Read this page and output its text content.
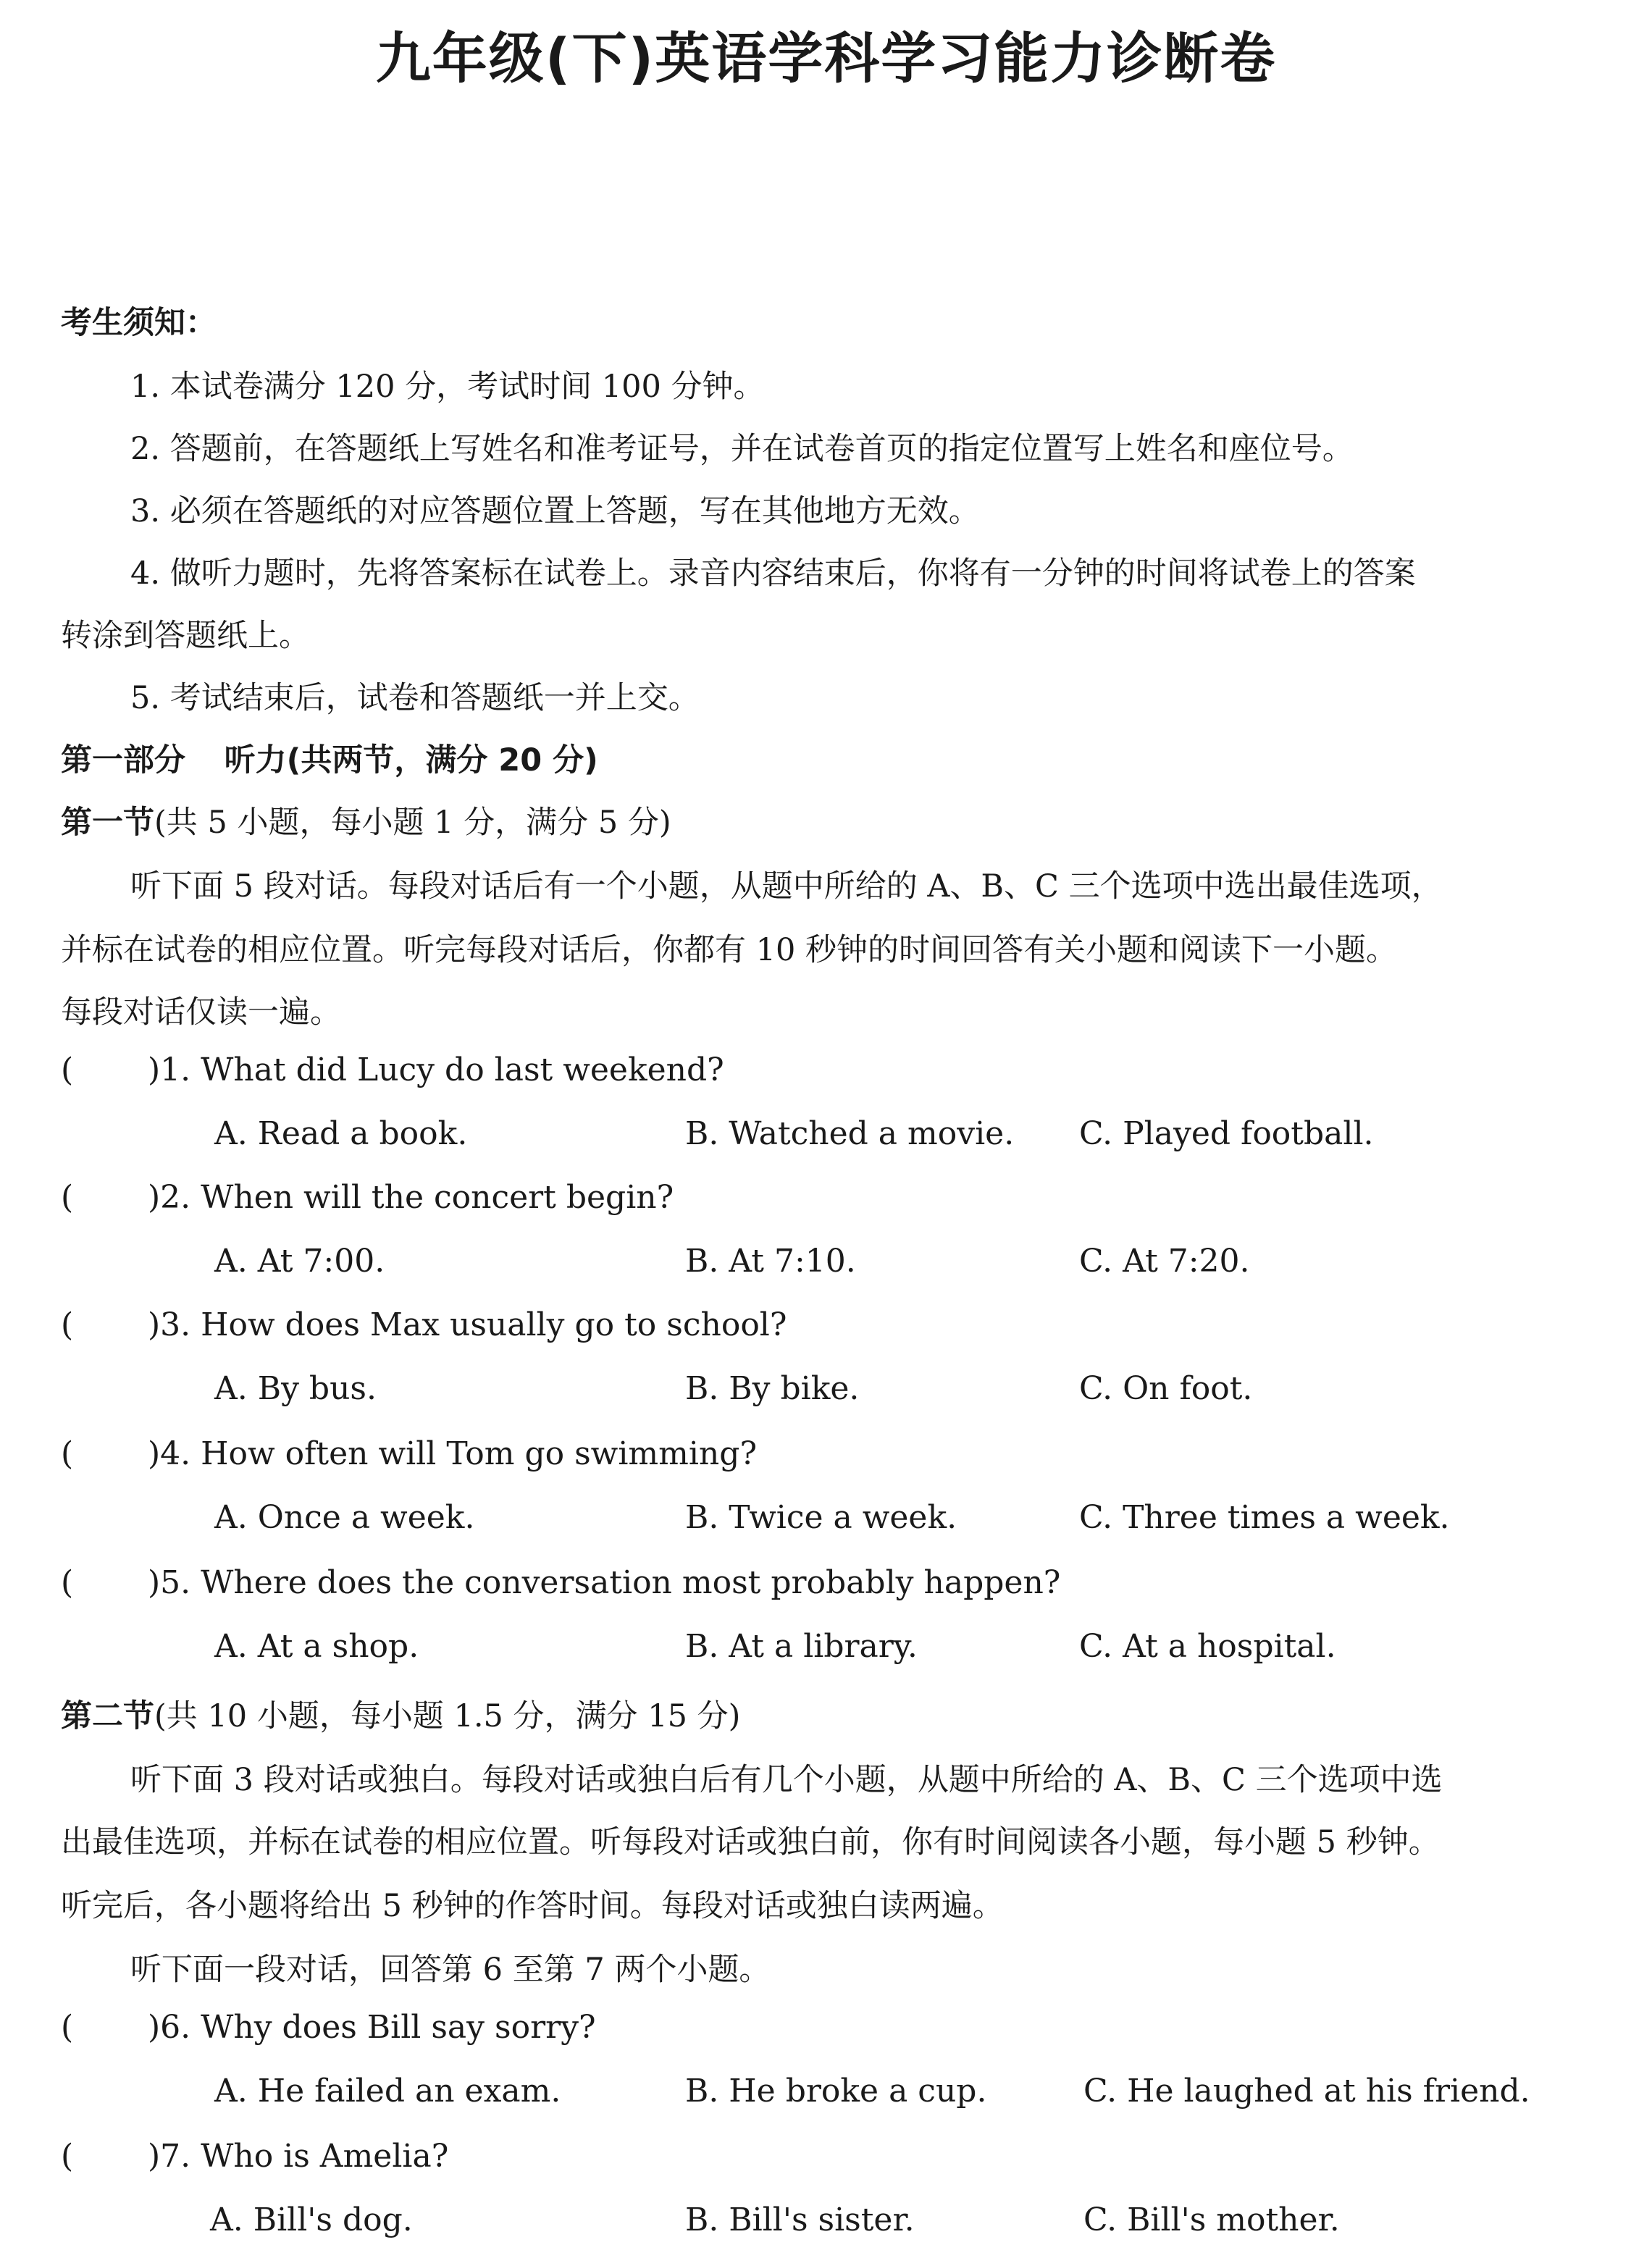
九年级(下)英语学科学习能力诊断卷
考生须知：
1. 本试卷满分 120 分，考试时间 100 分钟。
2. 答题前，在答题纸上写姓名和准考证号，并在试卷首页的指定位置写上姓名和座位号。
3. 必须在答题纸的对应答题位置上答题，写在其他地方无效。
4. 做听力题时，先将答案标在试卷上。录音内容结束后，你将有一分钟的时间将试卷上的答案
转涂到答题纸上。
5. 考试结束后，试卷和答题纸一并上交。
第一部分 听力(共两节，满分 20 分)
第一节(共 5 小题，每小题 1 分，满分 5 分)
听下面 5 段对话。每段对话后有一个小题，从题中所给的 A、B、C 三个选项中选出最佳选项，
并标在试卷的相应位置。听完每段对话后，你都有 10 秒钟的时间回答有关小题和阅读下一小题。
每段对话仅读一遍。
( )1. What did Lucy do last weekend?
A. Read a book.	B. Watched a movie. C. Played football.
( )2. When will the concert begin?
A. At 7:00.	B. At 7:10.	C. At 7:20.
( )3. How does Max usually go to school?
A. By bus.	B. By bike.	C. On foot.
( )4. How often will Tom go swimming?
A. Once a week.	B. Twice a week.	C. Three times a week.
( )5. Where does the conversation most probably happen?
A. At a shop.	B. At a library.	C. At a hospital.
第二节(共 10 小题，每小题 1.5 分，满分 15 分)
听下面 3 段对话或独白。每段对话或独白后有几个小题，从题中所给的 A、B、C 三个选项中选
出最佳选项，并标在试卷的相应位置。听每段对话或独白前，你有时间阅读各小题，每小题 5 秒钟。
听完后，各小题将给出 5 秒钟的作答时间。每段对话或独白读两遍。
听下面一段对话，回答第 6 至第 7 两个小题。
( )6. Why does Bill say sorry?
A. He failed an exam.	B. He broke a cup.	C. He laughed at his friend.
( )7. Who is Amelia?
A. Bill's dog.	B. Bill's sister.	C. Bill's mother.
